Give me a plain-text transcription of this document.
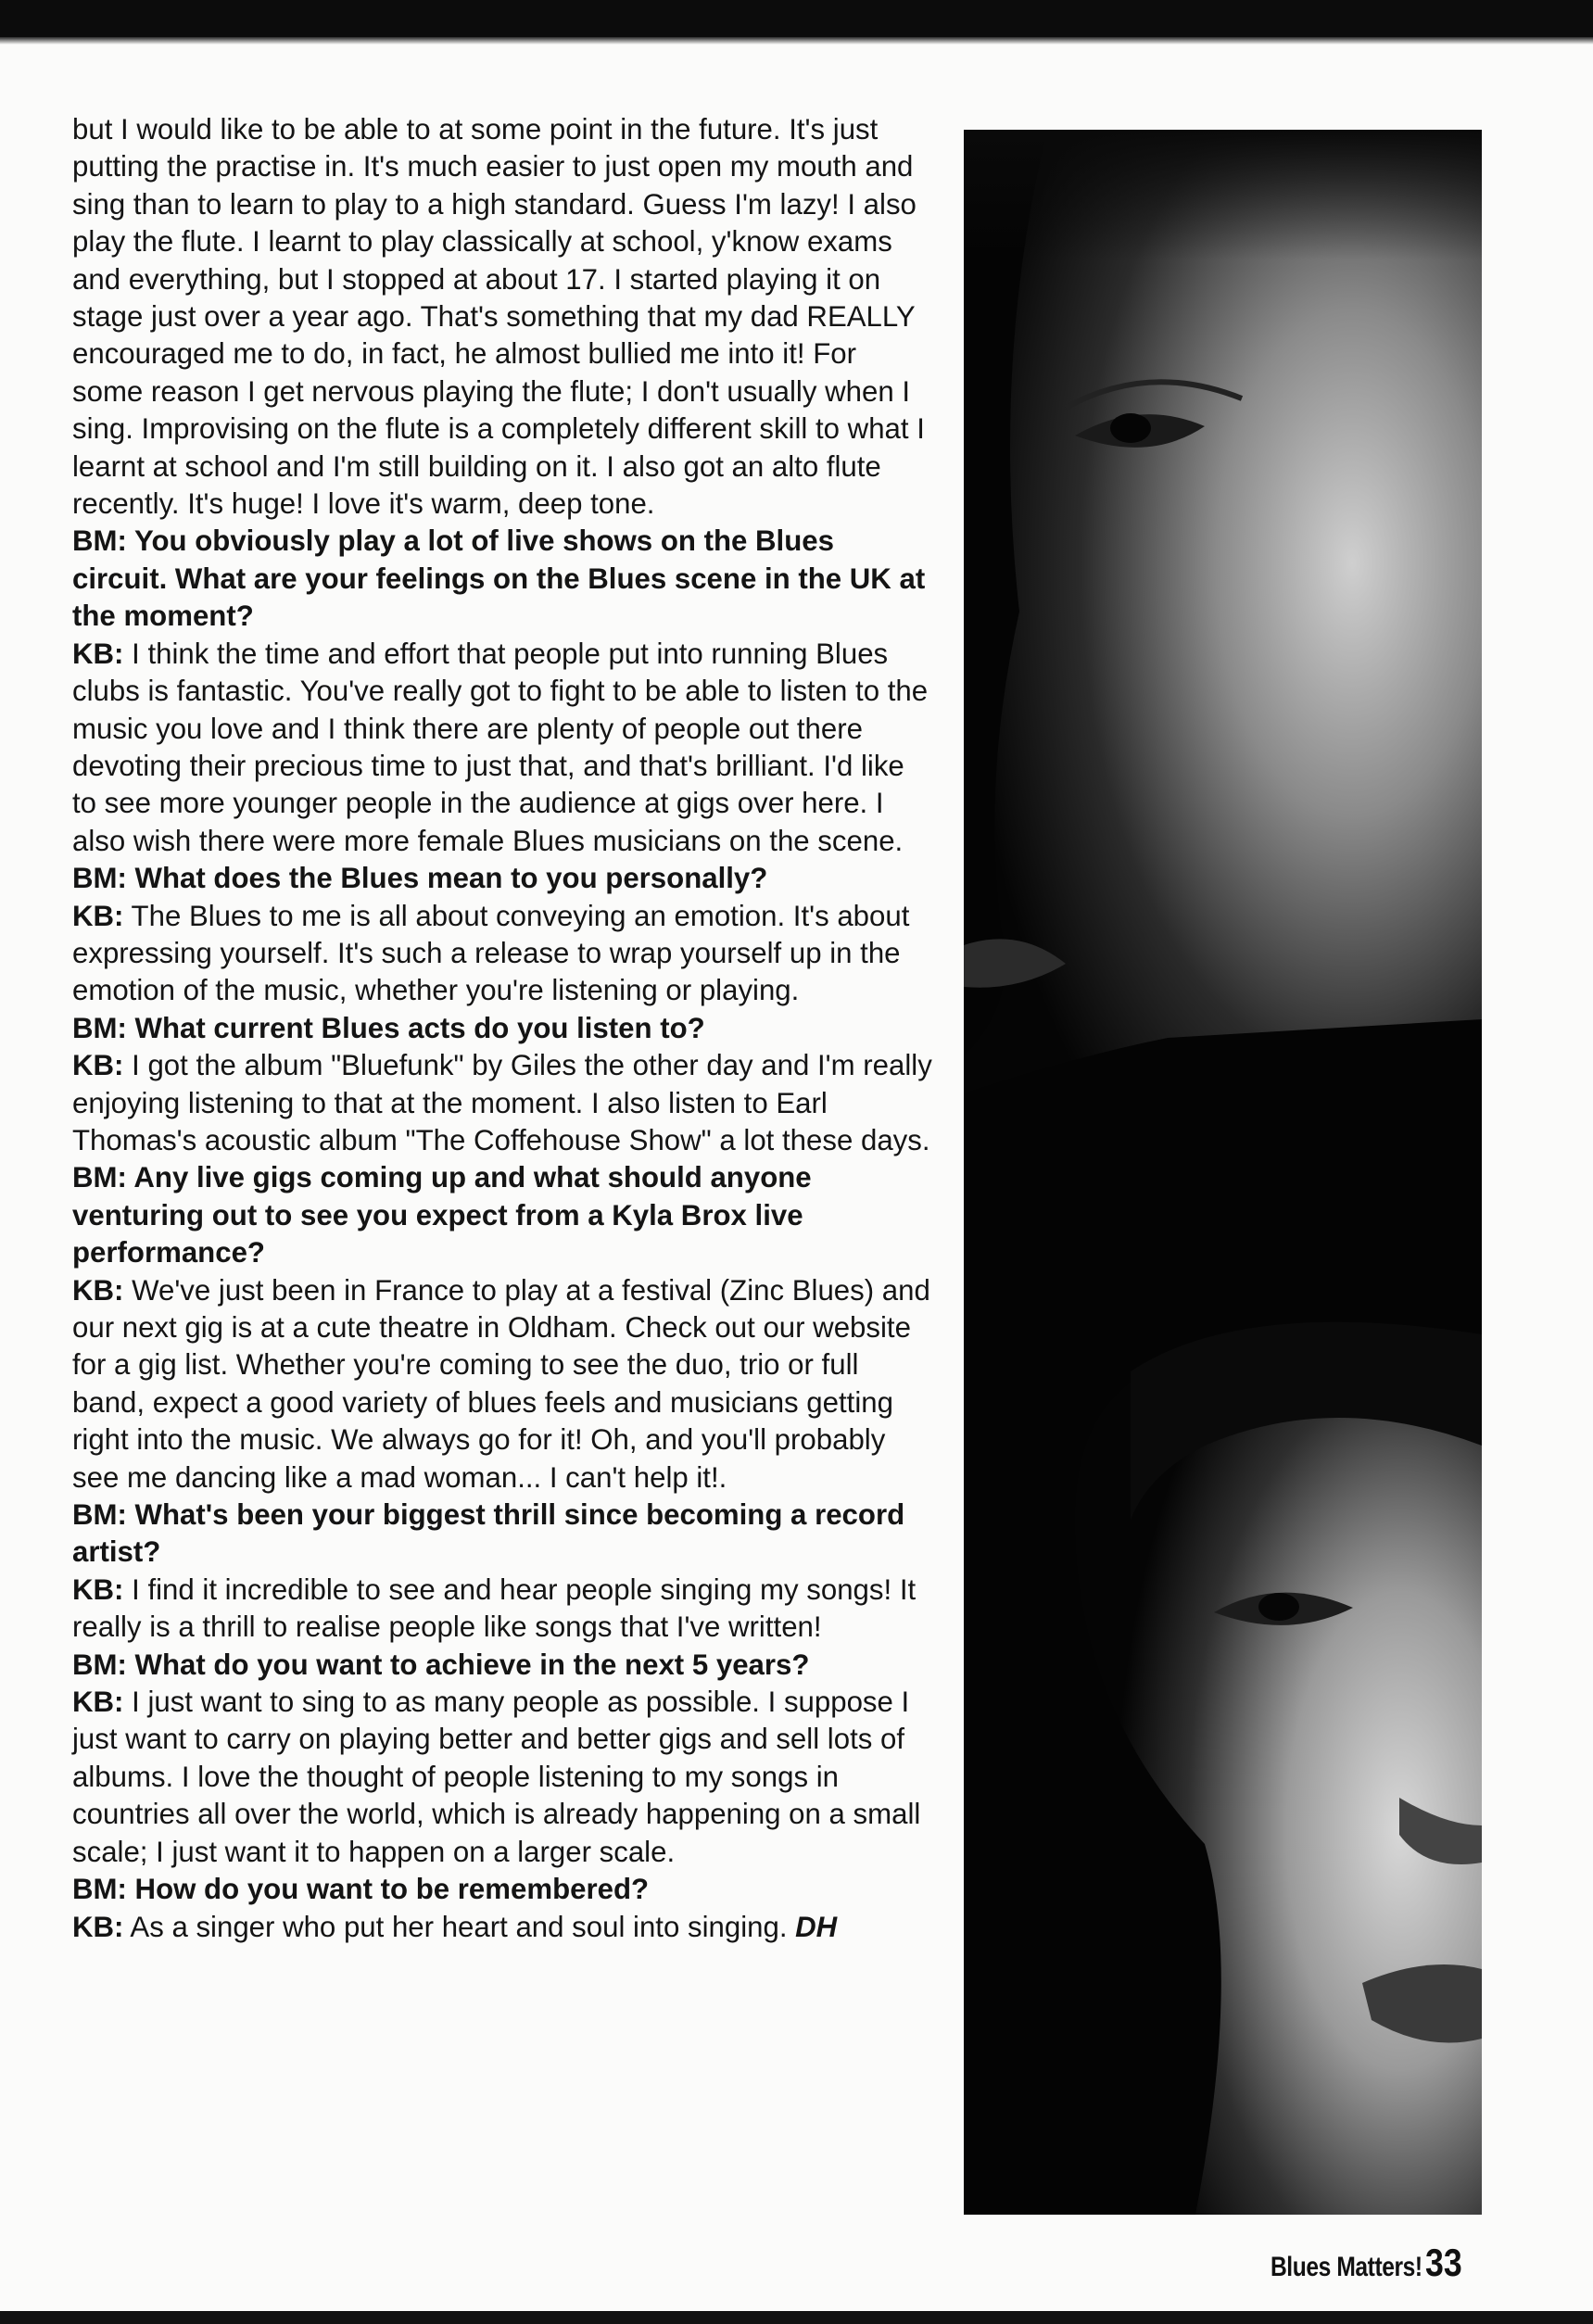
but I would like to be able to at some point in the future. It's just putting the practise in. It's much easier to just open my mouth and sing than to learn to play to a high standard. Guess I'm lazy! I also play the flute. I learnt to play classically at school, y'know exams and everything, but I stopped at about 17. I started playing it on stage just over a year ago. That's something that my dad REALLY encouraged me to do, in fact, he almost bullied me into it! For some reason I get nervous playing the flute; I don't usually when I sing. Improvising on the flute is a completely different skill to what I learnt at school and I'm still building on it. I also got an alto flute recently. It's huge! I love it's warm, deep tone.

BM: You obviously play a lot of live shows on the Blues circuit. What are your feelings on the Blues scene in the UK at the moment?

KB: I think the time and effort that people put into running Blues clubs is fantastic. You've really got to fight to be able to listen to the music you love and I think there are plenty of people out there devoting their precious time to just that, and that's brilliant. I'd like to see more younger people in the audience at gigs over here. I also wish there were more female Blues musicians on the scene.

BM: What does the Blues mean to you personally?

KB: The Blues to me is all about conveying an emotion. It's about expressing yourself. It's such a release to wrap yourself up in the emotion of the music, whether you're listening or playing.

BM: What current Blues acts do you listen to?

KB: I got the album "Bluefunk" by Giles the other day and I'm really enjoying listening to that at the moment. I also listen to Earl Thomas's acoustic album "The Coffehouse Show" a lot these days.

BM: Any live gigs coming up and what should anyone venturing out to see you expect from a Kyla Brox live performance?

KB: We've just been in France to play at a festival (Zinc Blues) and our next gig is at a cute theatre in Oldham. Check out our website for a gig list. Whether you're coming to see the duo, trio or full band, expect a good variety of blues feels and musicians getting right into the music. We always go for it! Oh, and you'll probably see me dancing like a mad woman... I can't help it!.

BM: What's been your biggest thrill since becoming a record artist?

KB: I find it incredible to see and hear people singing my songs! It really is a thrill to realise people like songs that I've written!

BM: What do you want to achieve in the next 5 years?

KB: I just want to sing to as many people as possible. I suppose I just want to carry on playing better and better gigs and sell lots of albums. I love the thought of people listening to my songs in countries all over the world, which is already happening on a small scale; I just want it to happen on a larger scale.

BM: How do you want to be remembered?

KB: As a singer who put her heart and soul into singing. DH

Blues Matters!33
